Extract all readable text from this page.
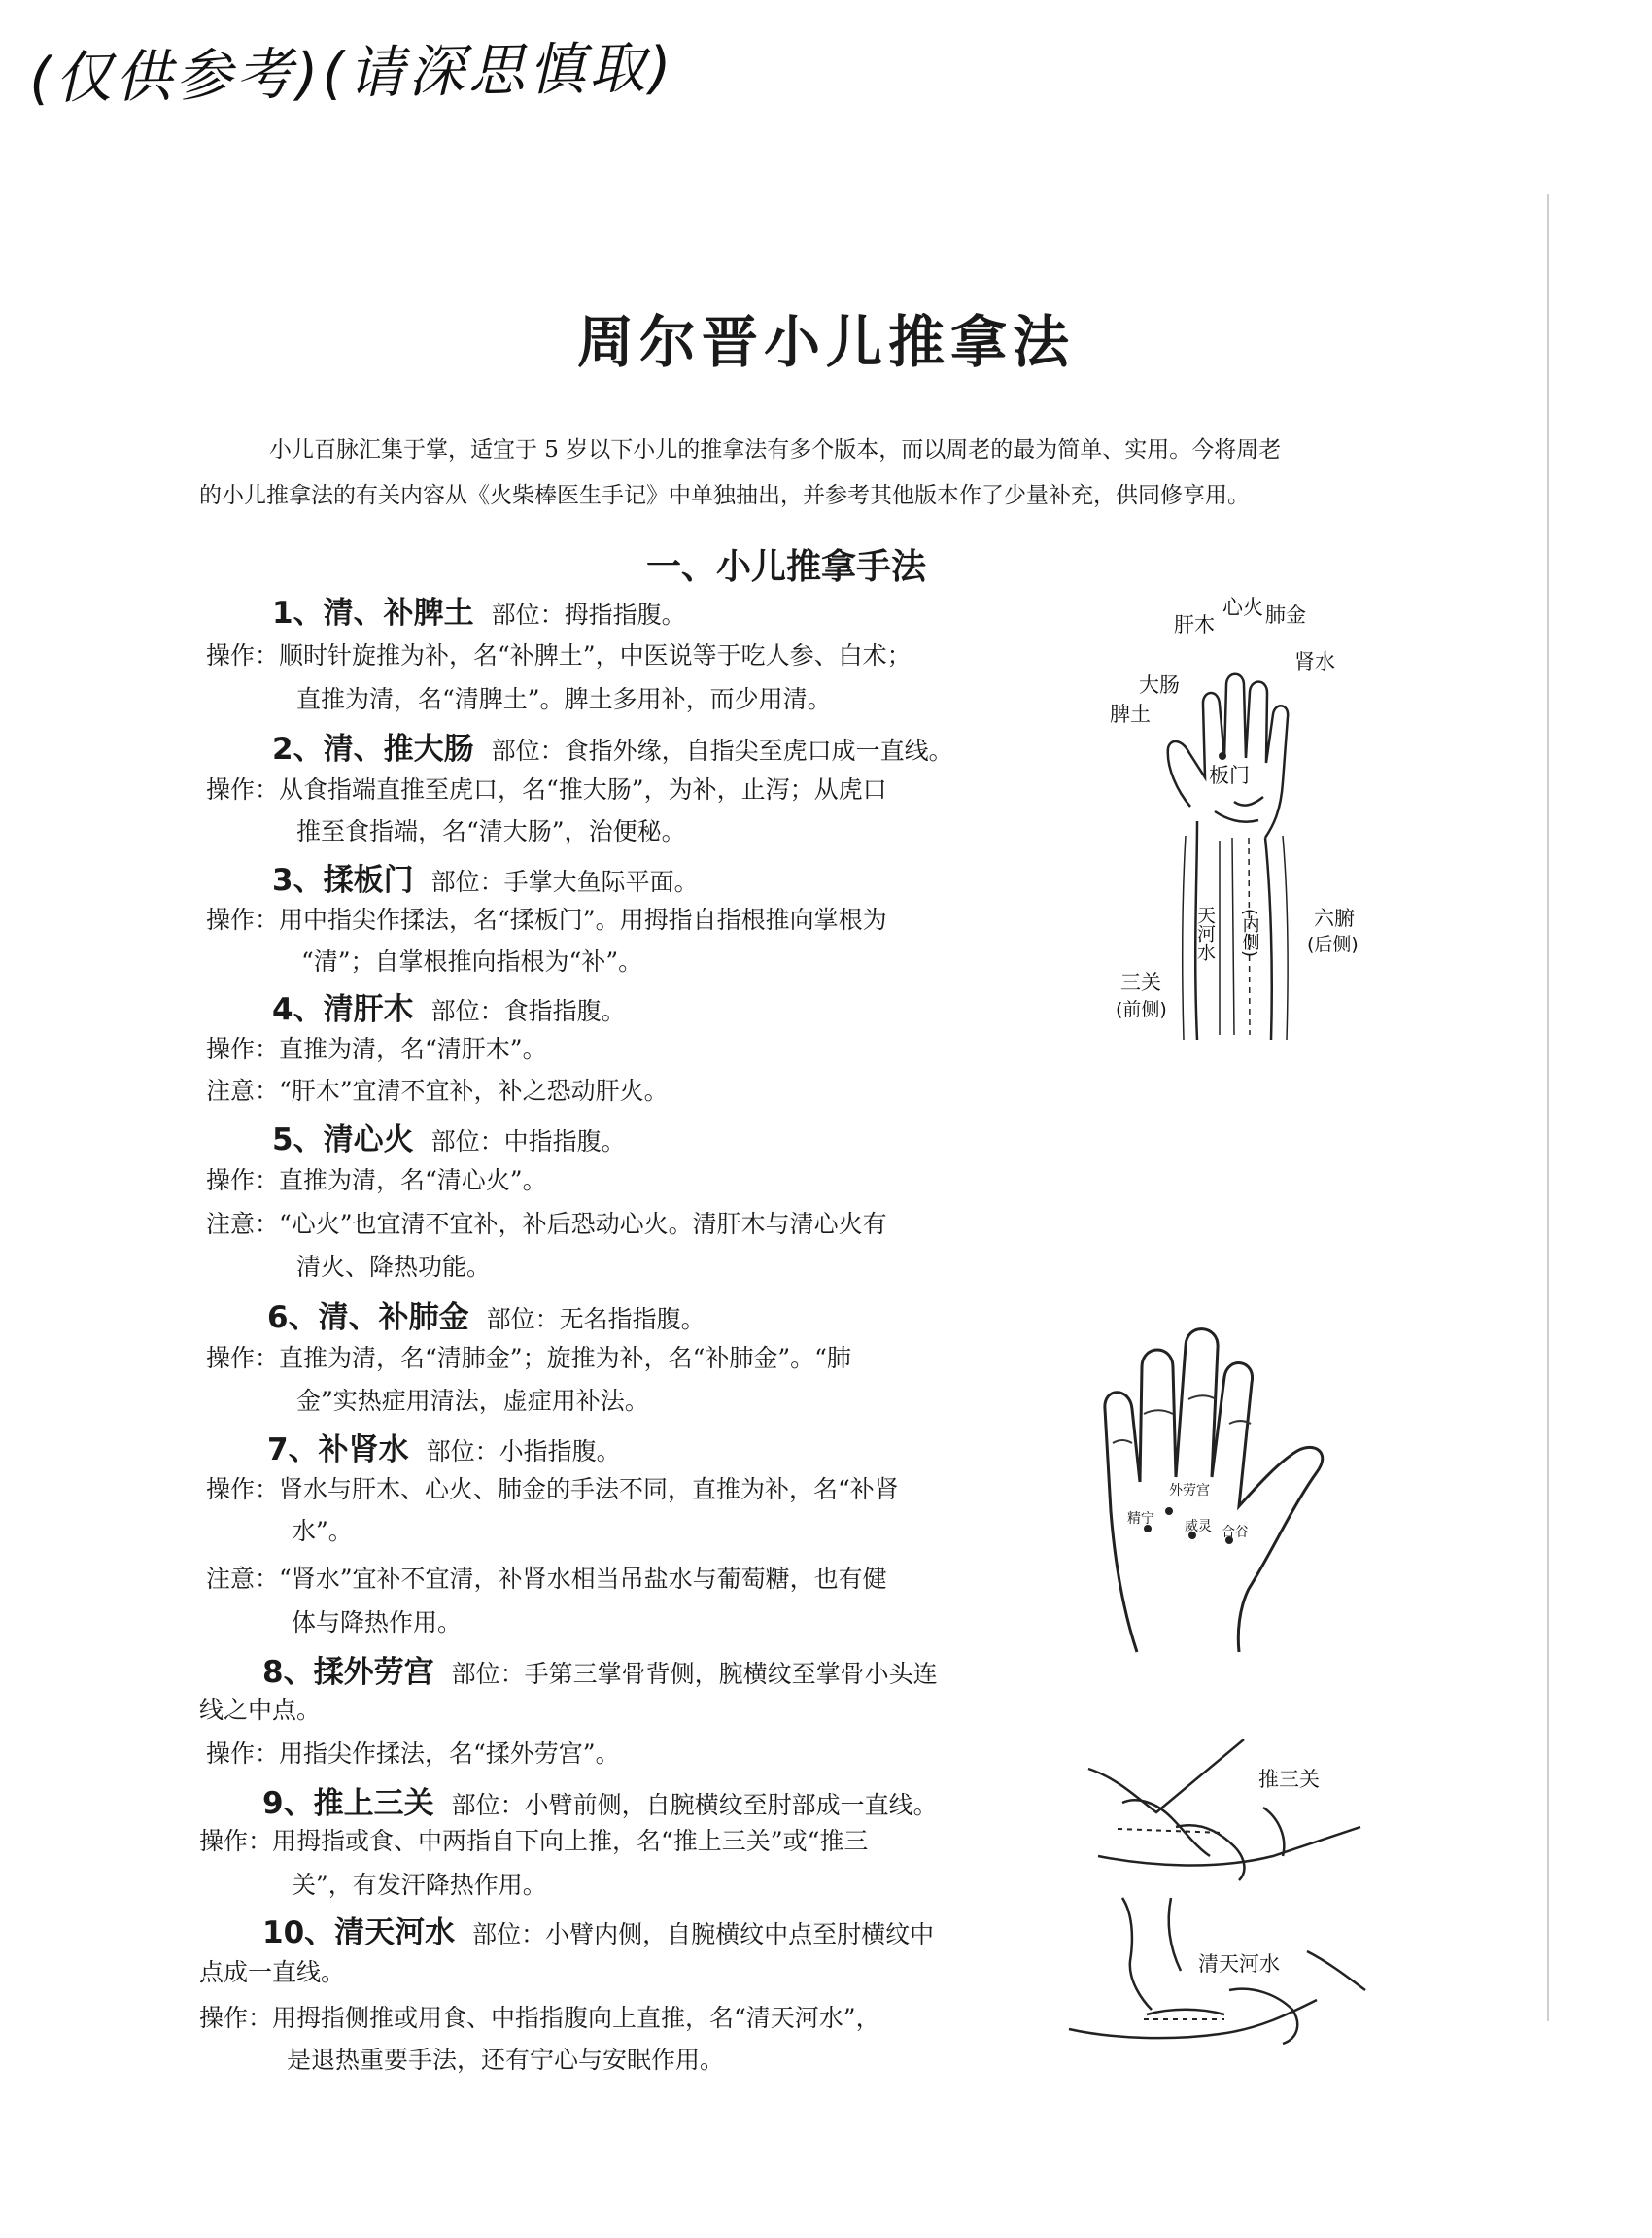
(仅供参考)(请深思慎取)
周尔晋小儿推拿法

小儿百脉汇集于掌，适宜于 5 岁以下小儿的推拿法有多个版本，而以周老的最为简单、实用。今将周老

的小儿推拿法的有关内容从《火柴棒医生手记》中单独抽出，并参考其他版本作了少量补充，供同修享用。

一、小儿推拿手法
1、清、补脾土 部位：拇指指腹。
操作：顺时针旋推为补，名“补脾土”，中医说等于吃人参、白术；
直推为清，名“清脾土”。脾土多用补，而少用清。
2、清、推大肠 部位：食指外缘，自指尖至虎口成一直线。
操作：从食指端直推至虎口，名“推大肠”，为补，止泻；从虎口
推至食指端，名“清大肠”，治便秘。
3、揉板门 部位：手掌大鱼际平面。
操作：用中指尖作揉法，名“揉板门”。用拇指自指根推向掌根为
“清”；自掌根推向指根为“补”。
4、清肝木 部位：食指指腹。
操作：直推为清，名“清肝木”。
注意：“肝木”宜清不宜补，补之恐动肝火。
5、清心火 部位：中指指腹。
操作：直推为清，名“清心火”。
注意：“心火”也宜清不宜补，补后恐动心火。清肝木与清心火有
清火、降热功能。
6、清、补肺金 部位：无名指指腹。
操作：直推为清，名“清肺金”；旋推为补，名“补肺金”。“肺
金”实热症用清法，虚症用补法。
7、补肾水 部位：小指指腹。
操作：肾水与肝木、心火、肺金的手法不同，直推为补，名“补肾
水”。
注意：“肾水”宜补不宜清，补肾水相当吊盐水与葡萄糖，也有健
体与降热作用。
8、揉外劳宫 部位：手第三掌骨背侧，腕横纹至掌骨小头连
线之中点。
操作：用指尖作揉法，名“揉外劳宫”。
9、推上三关 部位：小臂前侧，自腕横纹至肘部成一直线。
操作：用拇指或食、中两指自下向上推，名“推上三关”或“推三
关”，有发汗降热作用。
10、清天河水 部位：小臂内侧，自腕横纹中点至肘横纹中
点成一直线。
操作：用拇指侧推或用食、中指指腹向上直推，名“清天河水”，
是退热重要手法，还有宁心与安眠作用。
心火 肺金
肝木
肾水
大肠
脾土
板门
天河水 (内侧)	六腑
(后侧)
三关
(前侧)
外劳宫
精宁 威灵 合谷
推三关
清天河水
